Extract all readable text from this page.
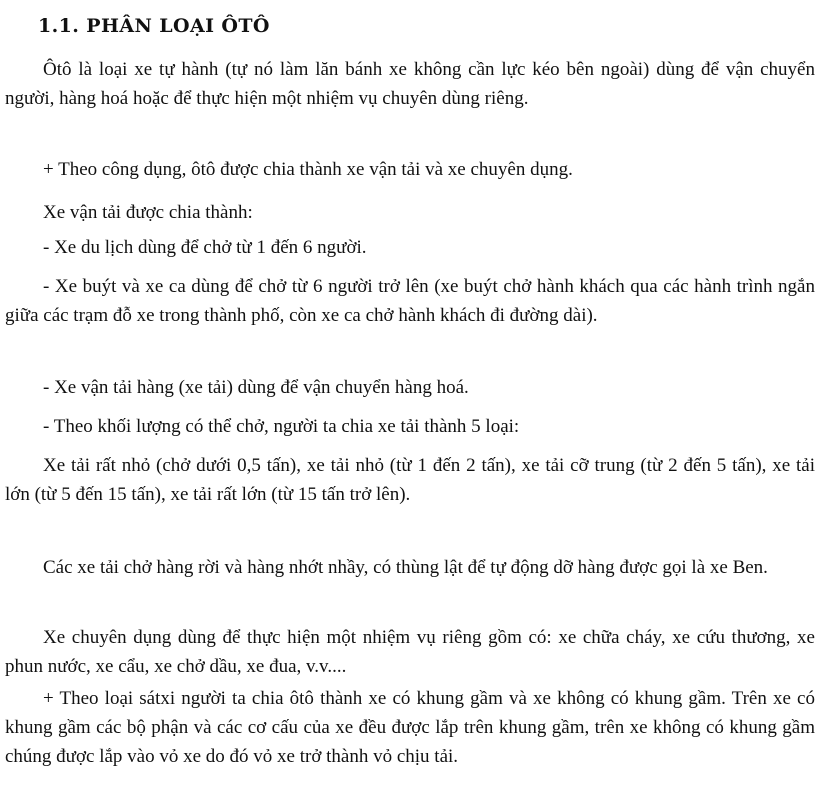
1.1. PHÂN LOẠI ÔTÔ

Ôtô là loại xe tự hành (tự nó làm lăn bánh xe không cần lực kéo bên ngoài) dùng để vận chuyển người, hàng hoá hoặc để thực hiện một nhiệm vụ chuyên dùng riêng.

+ Theo công dụng, ôtô được chia thành xe vận tải và xe chuyên dụng.

Xe vận tải được chia thành:

- Xe du lịch dùng để chở từ 1 đến 6 người.

- Xe buýt và xe ca dùng để chở từ 6 người trở lên (xe buýt chở hành khách qua các hành trình ngắn giữa các trạm đỗ xe trong thành phố, còn xe ca chở hành khách đi đường dài).

- Xe vận tải hàng (xe tải) dùng để vận chuyển hàng hoá.

- Theo khối lượng có thể chở, người ta chia xe tải thành 5 loại:

Xe tải rất nhỏ (chở dưới 0,5 tấn), xe tải nhỏ (từ 1 đến 2 tấn), xe tải cỡ trung (từ 2 đến 5 tấn), xe tải lớn (từ 5 đến 15 tấn), xe tải rất lớn (từ 15 tấn trở lên).

Các xe tải chở hàng rời và hàng nhớt nhầy, có thùng lật để tự động dỡ hàng được gọi là xe Ben.

Xe chuyên dụng dùng để thực hiện một nhiệm vụ riêng gồm có: xe chữa cháy, xe cứu thương, xe phun nước, xe cẩu, xe chở dầu, xe đua, v.v....

+ Theo loại sátxi người ta chia ôtô thành xe có khung gầm và xe không có khung gầm. Trên xe có khung gầm các bộ phận và các cơ cấu của xe đều được lắp trên khung gầm, trên xe không có khung gầm chúng được lắp vào vỏ xe do đó vỏ xe trở thành vỏ chịu tải.
